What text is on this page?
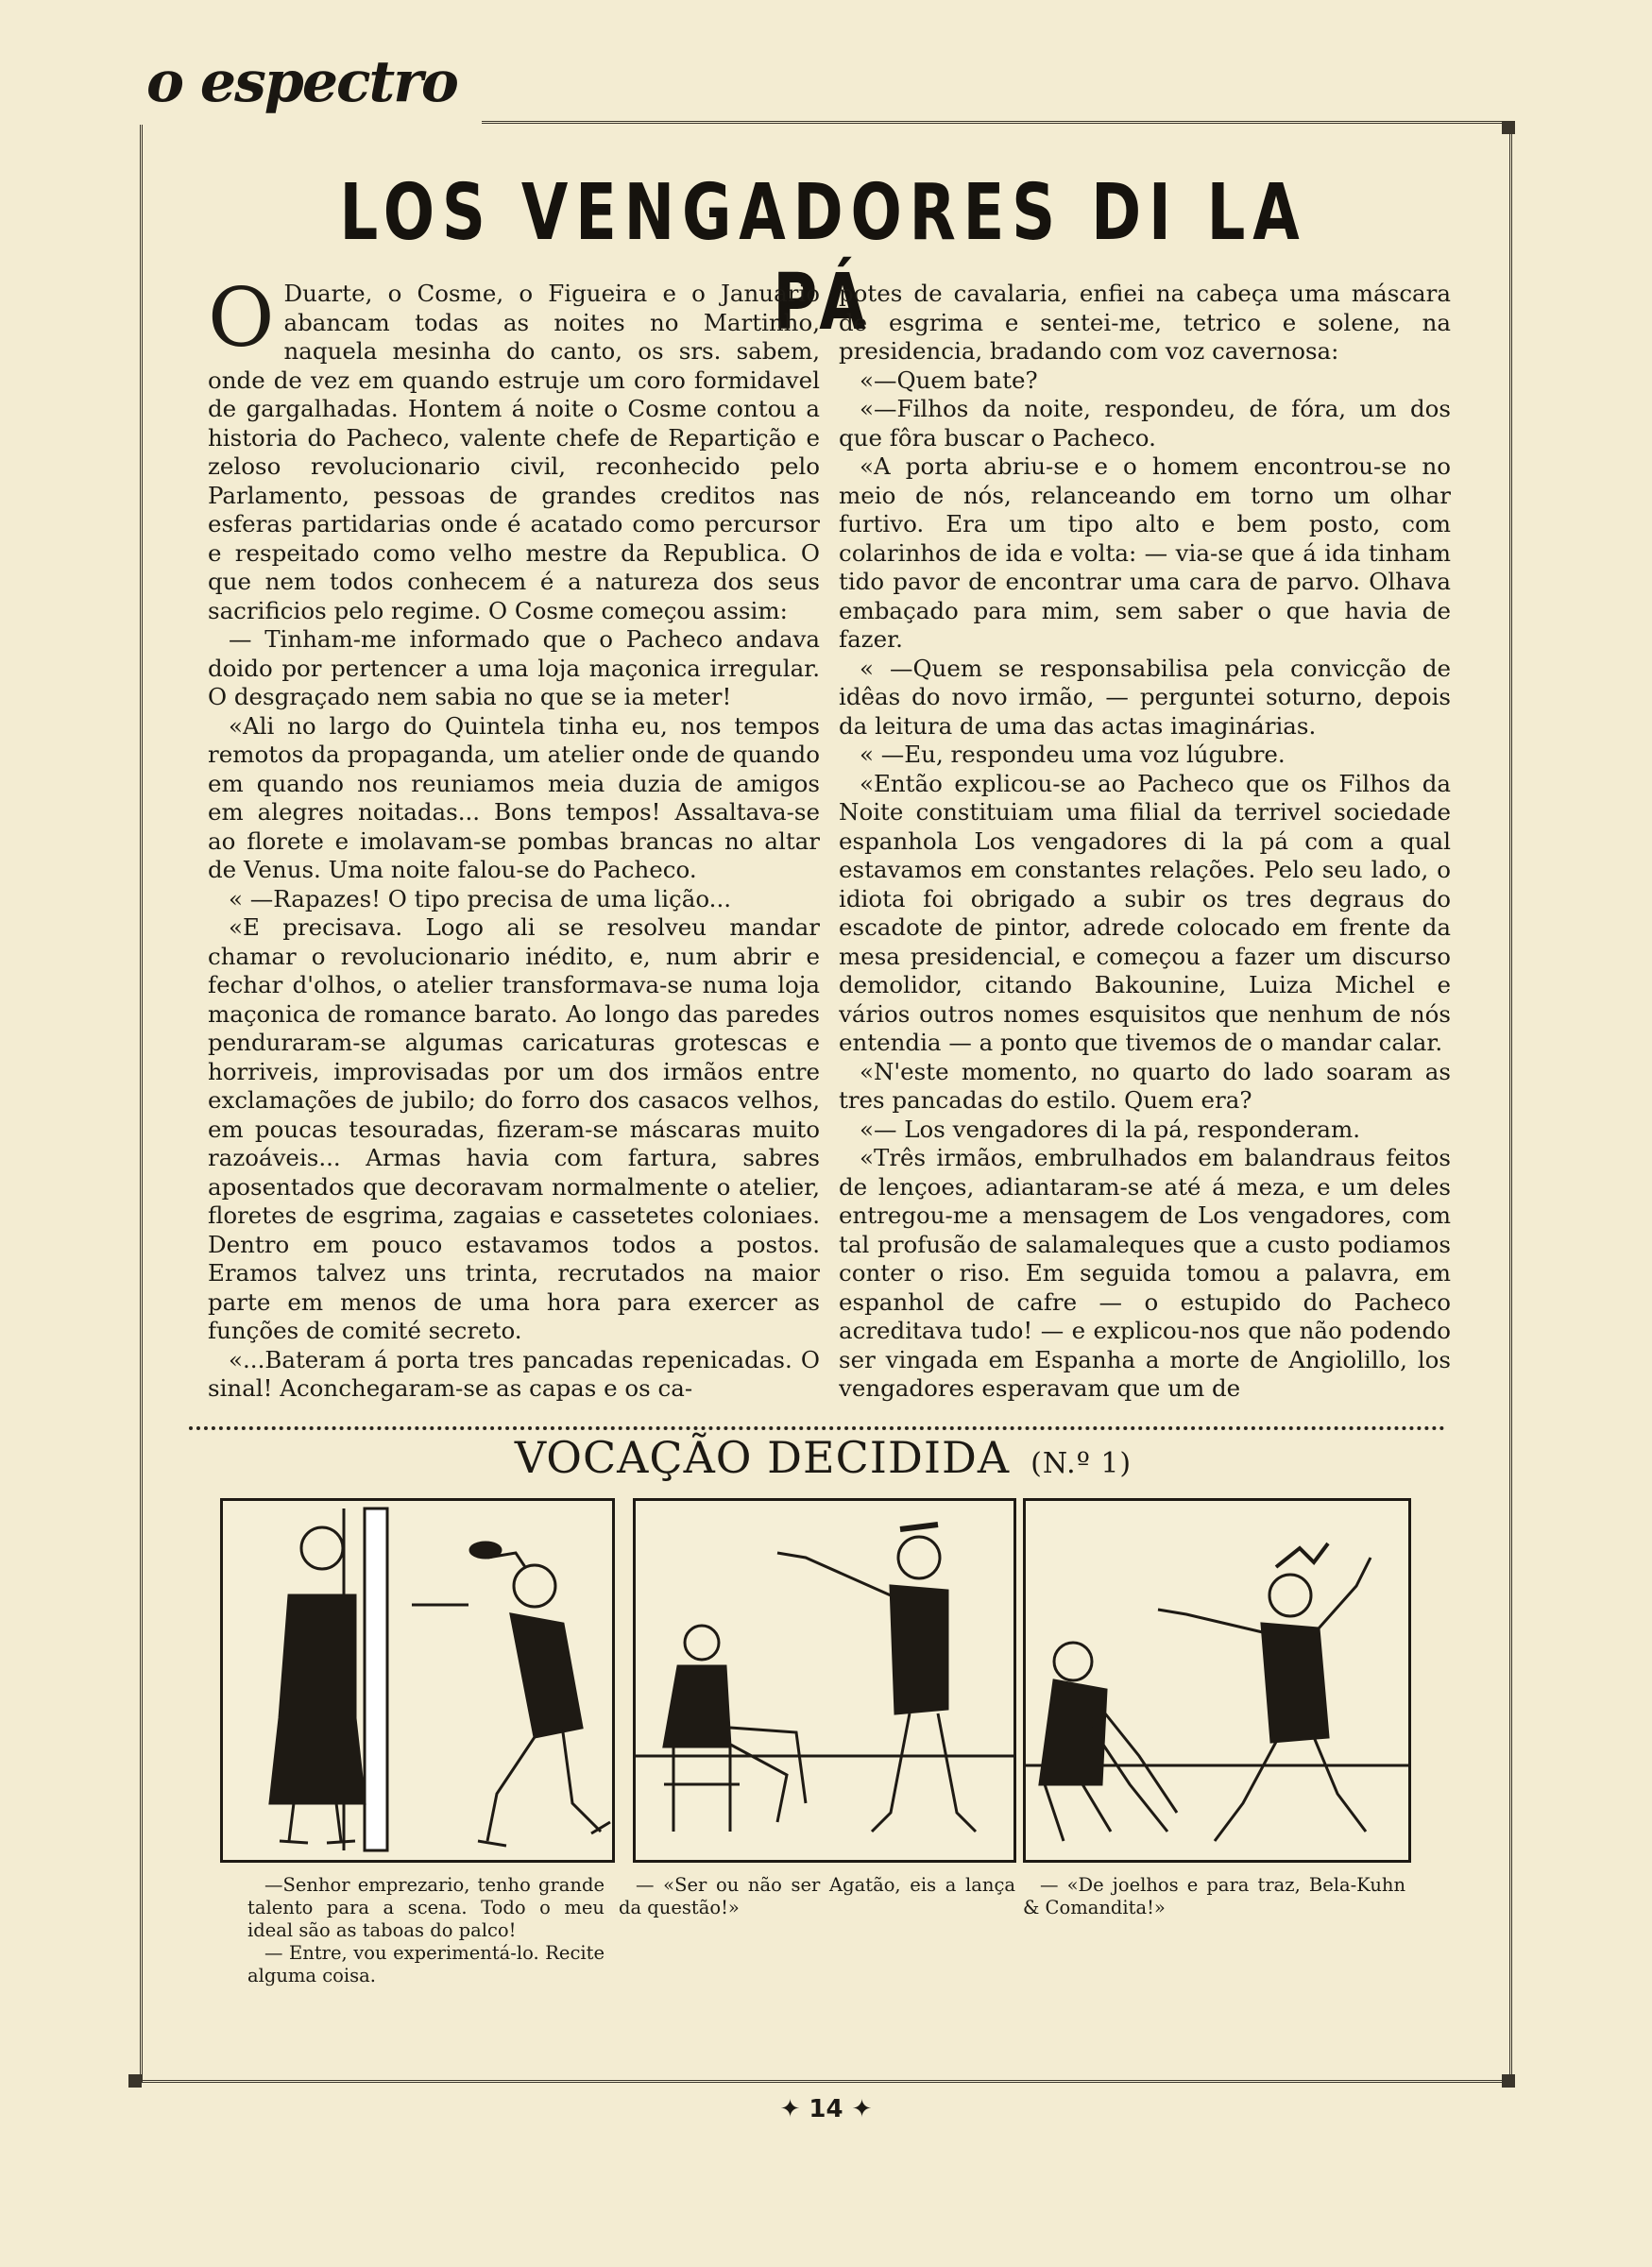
o espectro
LOS VENGADORES DI LA PÁ

O Duarte, o Cosme, o Figueira e o Januario abancam todas as noites no Martinho, naquela mesinha do canto, os srs. sabem, onde de vez em quando estruje um coro formidavel de gargalhadas. Hontem á noite o Cosme contou a historia do Pacheco, valente chefe de Repartição e zeloso revolucionario civil, reconhecido pelo Parlamento, pessoas de grandes creditos nas esferas partidarias onde é acatado como percursor e respeitado como velho mestre da Republica. O que nem todos conhecem é a natureza dos seus sacrificios pelo regime. O Cosme começou assim:

— Tinham-me informado que o Pacheco andava doido por pertencer a uma loja maçonica irregular. O desgraçado nem sabia no que se ia meter!

«Ali no largo do Quintela tinha eu, nos tempos remotos da propaganda, um atelier onde de quando em quando nos reuniamos meia duzia de amigos em alegres noitadas... Bons tempos! Assaltava-se ao florete e imolavam-se pombas brancas no altar de Venus. Uma noite falou-se do Pacheco.

« —Rapazes! O tipo precisa de uma lição...

«E precisava. Logo ali se resolveu mandar chamar o revolucionario inédito, e, num abrir e fechar d'olhos, o atelier transformava-se numa loja maçonica de romance barato. Ao longo das paredes penduraram-se algumas caricaturas grotescas e horriveis, improvisadas por um dos irmãos entre exclamações de jubilo; do forro dos casacos velhos, em poucas tesouradas, fizeram-se máscaras muito razoáveis... Armas havia com fartura, sabres aposentados que decoravam normalmente o atelier, floretes de esgrima, zagaias e cassetetes coloniaes. Dentro em pouco estavamos todos a postos. Eramos talvez uns trinta, recrutados na maior parte em menos de uma hora para exercer as funções de comité secreto.

«...Bateram á porta tres pancadas repenicadas. O sinal! Aconchegaram-se as capas e os ca-

potes de cavalaria, enfiei na cabeça uma máscara de esgrima e sentei-me, tetrico e solene, na presidencia, bradando com voz cavernosa:

«—Quem bate?

«—Filhos da noite, respondeu, de fóra, um dos que fôra buscar o Pacheco.

«A porta abriu-se e o homem encontrou-se no meio de nós, relanceando em torno um olhar furtivo. Era um tipo alto e bem posto, com colarinhos de ida e volta: — via-se que á ida tinham tido pavor de encontrar uma cara de parvo. Olhava embaçado para mim, sem saber o que havia de fazer.

« —Quem se responsabilisa pela convicção de idêas do novo irmão, — perguntei soturno, depois da leitura de uma das actas imaginárias.

« —Eu, respondeu uma voz lúgubre.

«Então explicou-se ao Pacheco que os Filhos da Noite constituiam uma filial da terrivel sociedade espanhola Los vengadores di la pá com a qual estavamos em constantes relações. Pelo seu lado, o idiota foi obrigado a subir os tres degraus do escadote de pintor, adrede colocado em frente da mesa presidencial, e começou a fazer um discurso demolidor, citando Bakounine, Luiza Michel e vários outros nomes esquisitos que nenhum de nós entendia — a ponto que tivemos de o mandar calar.

«N'este momento, no quarto do lado soaram as tres pancadas do estilo. Quem era?

«— Los vengadores di la pá, responderam.

«Três irmãos, embrulhados em balandraus feitos de lençoes, adiantaram-se até á meza, e um deles entregou-me a mensagem de Los vengadores, com tal profusão de salamaleques que a custo podiamos conter o riso. Em seguida tomou a palavra, em espanhol de cafre — o estupido do Pacheco acreditava tudo! — e explicou-nos que não podendo ser vingada em Espanha a morte de Angiolillo, los vengadores esperavam que um de

VOCAÇÃO DECIDIDA (N.º 1)

—Senhor emprezario, tenho grande talento para a scena. Todo o meu ideal são as taboas do palco!

— Entre, vou experimentá-lo. Recite alguma coisa.

— «Ser ou não ser Agatão, eis a lança da questão!»

— «De joelhos e para traz, Bela-Kuhn & Comandita!»

✦ 14 ✦
